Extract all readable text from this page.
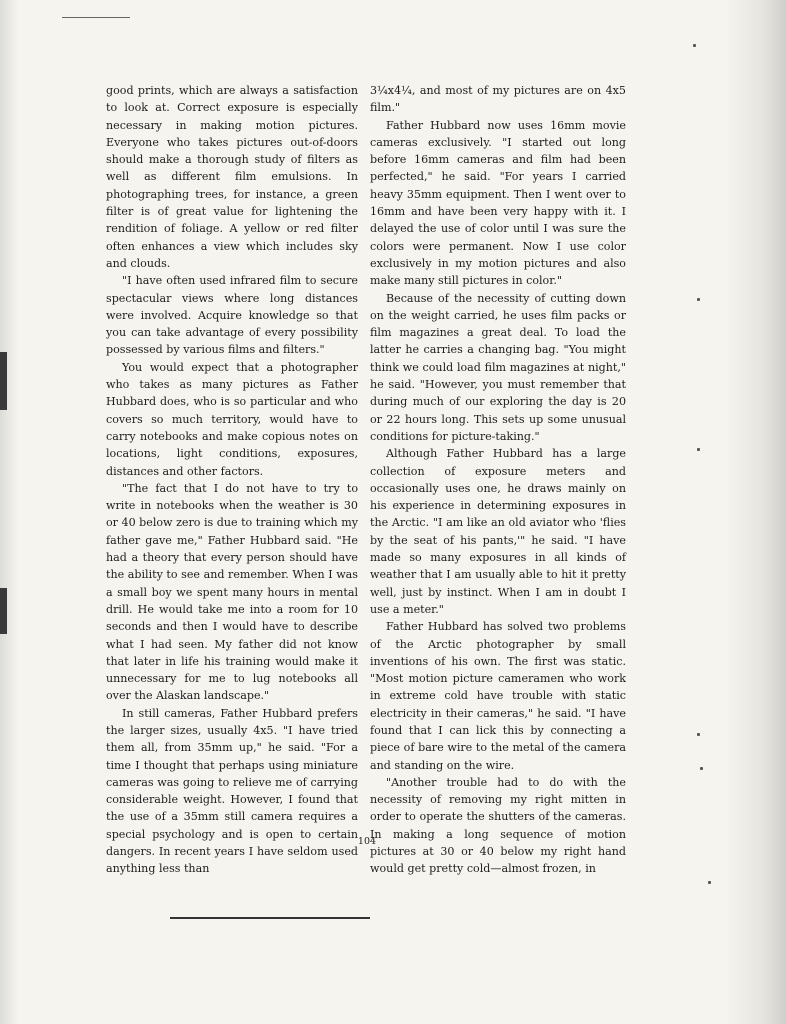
good prints, which are always a satisfaction to look at. Correct exposure is especially necessary in making motion pictures. Everyone who takes pictures out-of-doors should make a thorough study of filters as well as different film emulsions. In photographing trees, for instance, a green filter is of great value for lightening the rendition of foliage. A yellow or red filter often enhances a view which includes sky and clouds.

"I have often used infrared film to secure spectacular views where long distances were involved. Acquire knowledge so that you can take advantage of every possibility possessed by various films and filters."

You would expect that a photographer who takes as many pictures as Father Hubbard does, who is so particular and who covers so much territory, would have to carry notebooks and make copious notes on locations, light conditions, exposures, distances and other factors.

"The fact that I do not have to try to write in notebooks when the weather is 30 or 40 below zero is due to training which my father gave me," Father Hubbard said. "He had a theory that every person should have the ability to see and remember. When I was a small boy we spent many hours in mental drill. He would take me into a room for 10 seconds and then I would have to describe what I had seen. My father did not know that later in life his training would make it unnecessary for me to lug notebooks all over the Alaskan landscape."

In still cameras, Father Hubbard prefers the larger sizes, usually 4x5. "I have tried them all, from 35mm up," he said. "For a time I thought that perhaps using miniature cameras was going to relieve me of carrying considerable weight. However, I found that the use of a 35mm still camera requires a special psychology and is open to certain dangers. In recent years I have seldom used anything less than

3¼x4¼, and most of my pictures are on 4x5 film."

Father Hubbard now uses 16mm movie cameras exclusively. "I started out long before 16mm cameras and film had been perfected," he said. "For years I carried heavy 35mm equipment. Then I went over to 16mm and have been very happy with it. I delayed the use of color until I was sure the colors were permanent. Now I use color exclusively in my motion pictures and also make many still pictures in color."

Because of the necessity of cutting down on the weight carried, he uses film packs or film magazines a great deal. To load the latter he carries a changing bag. "You might think we could load film magazines at night," he said. "However, you must remember that during much of our exploring the day is 20 or 22 hours long. This sets up some unusual conditions for picture-taking."

Although Father Hubbard has a large collection of exposure meters and occasionally uses one, he draws mainly on his experience in determining exposures in the Arctic. "I am like an old aviator who 'flies by the seat of his pants,'" he said. "I have made so many exposures in all kinds of weather that I am usually able to hit it pretty well, just by instinct. When I am in doubt I use a meter."

Father Hubbard has solved two problems of the Arctic photographer by small inventions of his own. The first was static. "Most motion picture cameramen who work in extreme cold have trouble with static electricity in their cameras," he said. "I have found that I can lick this by connecting a piece of bare wire to the metal of the camera and standing on the wire.

"Another trouble had to do with the necessity of removing my right mitten in order to operate the shutters of the cameras. In making a long sequence of motion pictures at 30 or 40 below my right hand would get pretty cold—almost frozen, in

104
